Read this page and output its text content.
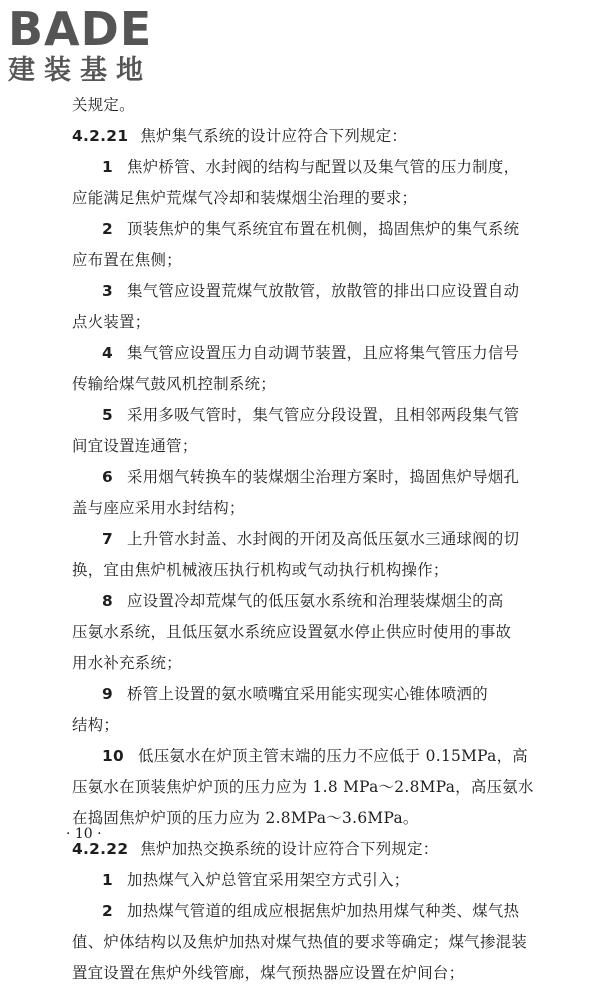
BADE
建装基地
关规定。
4.2.21 焦炉集气系统的设计应符合下列规定：
1 焦炉桥管、水封阀的结构与配置以及集气管的压力制度，
应能满足焦炉荒煤气冷却和装煤烟尘治理的要求；
2 顶装焦炉的集气系统宜布置在机侧，捣固焦炉的集气系统
应布置在焦侧；
3 集气管应设置荒煤气放散管，放散管的排出口应设置自动
点火装置；
4 集气管应设置压力自动调节装置，且应将集气管压力信号
传输给煤气鼓风机控制系统；
5 采用多吸气管时，集气管应分段设置，且相邻两段集气管
间宜设置连通管；
6 采用烟气转换车的装煤烟尘治理方案时，捣固焦炉导烟孔
盖与座应采用水封结构；
7 上升管水封盖、水封阀的开闭及高低压氨水三通球阀的切
换，宜由焦炉机械液压执行机构或气动执行机构操作；
8 应设置冷却荒煤气的低压氨水系统和治理装煤烟尘的高
压氨水系统，且低压氨水系统应设置氨水停止供应时使用的事故
用水补充系统；
9 桥管上设置的氨水喷嘴宜采用能实现实心锥体喷洒的
结构；
10 低压氨水在炉顶主管末端的压力不应低于 0.15MPa，高
压氨水在顶装焦炉炉顶的压力应为 1.8 MPa～2.8MPa，高压氨水
在捣固焦炉炉顶的压力应为 2.8MPa～3.6MPa。
4.2.22 焦炉加热交换系统的设计应符合下列规定：
1 加热煤气入炉总管宜采用架空方式引入；
2 加热煤气管道的组成应根据焦炉加热用煤气种类、煤气热
值、炉体结构以及焦炉加热对煤气热值的要求等确定；煤气掺混装
置宜设置在焦炉外线管廊，煤气预热器应设置在炉间台；
· 10 ·
